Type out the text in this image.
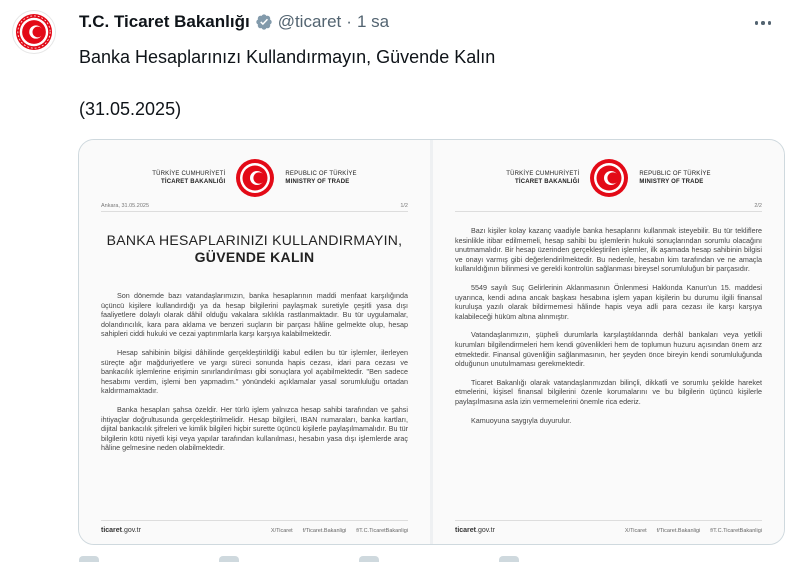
T.C. Ticaret Bakanlığı @ticaret · 1 sa
Banka Hesaplarınızı Kullandırmayın, Güvende Kalın
(31.05.2025)
TÜRKİYE CUMHURİYETİ
TİCARET BAKANLIĞI
REPUBLIC OF TÜRKİYE
MINISTRY OF TRADE
Ankara, 31.05.2025	1/2
BANKA HESAPLARINIZI KULLANDIRMAYIN,
GÜVENDE KALIN

Son dönemde bazı vatandaşlarımızın, banka hesaplarının maddi menfaat karşılığında üçüncü kişilere kullandırdığı ya da hesap bilgilerini paylaşmak suretiyle çeşitli yasa dışı faaliyetlere dolaylı olarak dâhil olduğu vakalara sıklıkla rastlanmaktadır. Bu tür uygulamalar, dolandırıcılık, kara para aklama ve benzeri suçların bir parçası hâline gelmekte olup, hesap sahipleri ciddi hukuki ve cezai yaptırımlarla karşı karşıya kalabilmektedir.

Hesap sahibinin bilgisi dâhilinde gerçekleştirildiği kabul edilen bu tür işlemler, ilerleyen süreçte ağır mağduriyetlere ve yargı süreci sonunda hapis cezası, idari para cezası ve bankacılık işlemlerine erişimin sınırlandırılması gibi sonuçlara yol açabilmektedir. "Ben sadece hesabımı verdim, işlemi ben yapmadım." yönündeki açıklamalar yasal sorumluluğu ortadan kaldırmamaktadır.

Banka hesapları şahsa özeldir. Her türlü işlem yalnızca hesap sahibi tarafından ve şahsi ihtiyaçlar doğrultusunda gerçekleştirilmelidir. Hesap bilgileri, IBAN numaraları, banka kartları, dijital bankacılık şifreleri ve kimlik bilgileri hiçbir surette üçüncü kişilerle paylaşılmamalıdır. Bu tür bilgilerin kötü niyetli kişi veya yapılar tarafından kullanılması, hesabın yasa dışı işlemlerde araç hâline gelmesine neden olabilmektedir.

ticaret.gov.tr	X/Ticaret f/Ticaret.Bakanligi f/T.C.TicaretBakanligi
TÜRKİYE CUMHURİYETİ
TİCARET BAKANLIĞI
REPUBLIC OF TÜRKİYE
MINISTRY OF TRADE
2/2

Bazı kişiler kolay kazanç vaadiyle banka hesaplarını kullanmak isteyebilir. Bu tür tekliflere kesinlikle itibar edilmemeli, hesap sahibi bu işlemlerin hukuki sonuçlarından sorumlu olacağını unutmamalıdır. Bir hesap üzerinden gerçekleştirilen işlemler, ilk aşamada hesap sahibinin bilgisi ve onayı varmış gibi değerlendirilmektedir. Bu nedenle, hesabın kim tarafından ve ne amaçla kullanıldığının bilinmesi ve gerekli kontrolün sağlanması bireysel sorumluluğun bir parçasıdır.

5549 sayılı Suç Gelirlerinin Aklanmasının Önlenmesi Hakkında Kanun'un 15. maddesi uyarınca, kendi adına ancak başkası hesabına işlem yapan kişilerin bu durumu ilgili finansal kuruluşa yazılı olarak bildirmemesi hâlinde hapis veya adli para cezası ile karşı karşıya kalabileceği hüküm altına alınmıştır.

Vatandaşlarımızın, şüpheli durumlarla karşılaştıklarında derhâl bankaları veya yetkili kurumları bilgilendirmeleri hem kendi güvenlikleri hem de toplumun huzuru açısından önem arz etmektedir. Finansal güvenliğin sağlanmasının, her şeyden önce bireyin kendi sorumluluğunda olduğunun unutulmaması gerekmektedir.

Ticaret Bakanlığı olarak vatandaşlarımızdan bilinçli, dikkatli ve sorumlu şekilde hareket etmelerini, kişisel finansal bilgilerini özenle korumalarını ve bu bilgilerin üçüncü kişilerle paylaşılmasına asla izin vermemelerini önemle rica ederiz.

Kamuoyuna saygıyla duyurulur.

ticaret.gov.tr	X/Ticaret f/Ticaret.Bakanligi f/T.C.TicaretBakanligi
